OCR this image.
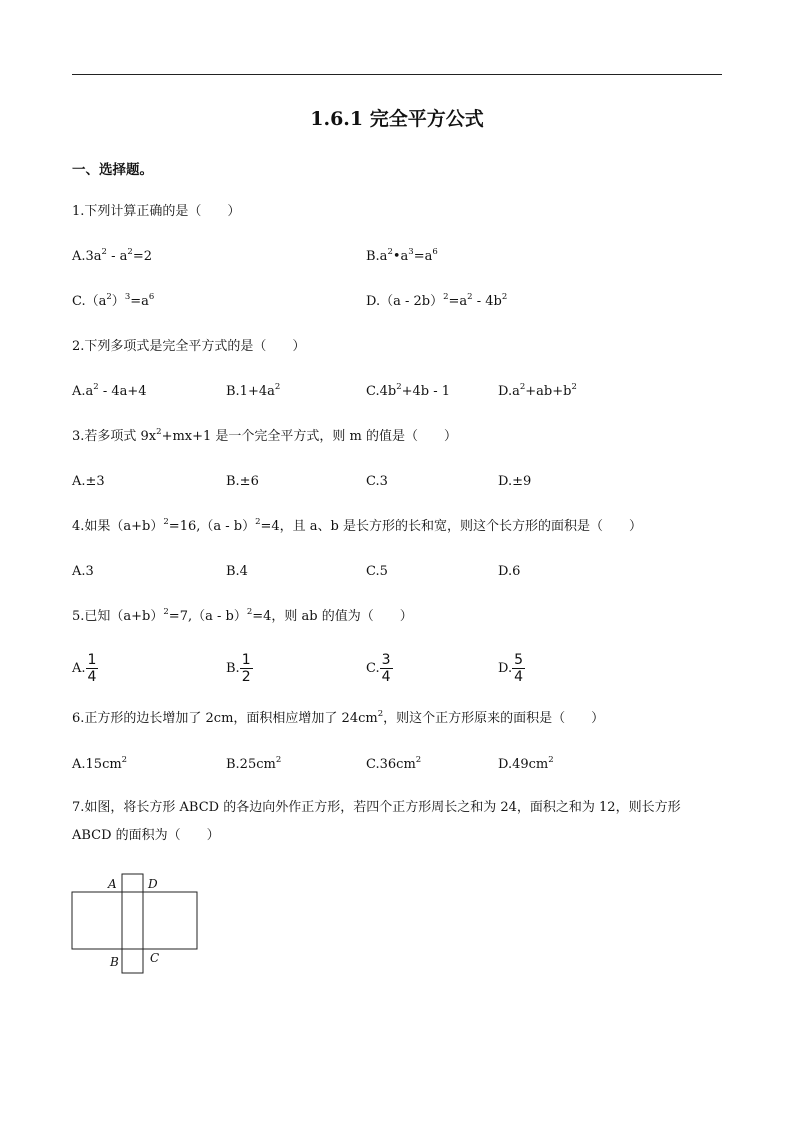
1.6.1 完全平方公式
一、选择题。
1.下列计算正确的是（　　）
$A.3a^2 - a^2=2$	$B.a^2•a^3=a^6$
$C.(a^2)^3=a^6$	$D.(a - 2b)^2=a^2 - 4b^2$
2.下列多项式是完全平方式的是（　　）
$A.a^2 - 4a+4$	$B.1+4a^2$	$C.4b^2+4b - 1$	$D.a^2+ab+b^2$
3.若多项式 $9x^2+mx+1$ 是一个完全平方式，则 m 的值是（　　）
A.±3	B.±6	C.3	D.±9
4.如果$(a+b)^2=16,(a - b)^2=4$，且 a、b 是长方形的长和宽，则这个长方形的面积是（　　）
A.3	B.4	C.5	D.6
5.已知$(a+b)^2=7,(a - b)^2=4$，则 ab 的值为（　　）
A. $\frac{1}{4}$	B. $\frac{1}{2}$	C. $\frac{3}{4}$	D. $\frac{5}{4}$
6.正方形的边长增加了 2cm，面积相应增加了 $24cm^2$，则这个正方形原来的面积是（　　）
$A.15cm^2$	$B.25cm^2$	$C.36cm^2$	$D.49cm^2$
7.如图，将长方形 ABCD 的各边向外作正方形，若四个正方形周长之和为 24，面积之和为 12，则长方形 ABCD 的面积为（　　）
A	D
B	C
